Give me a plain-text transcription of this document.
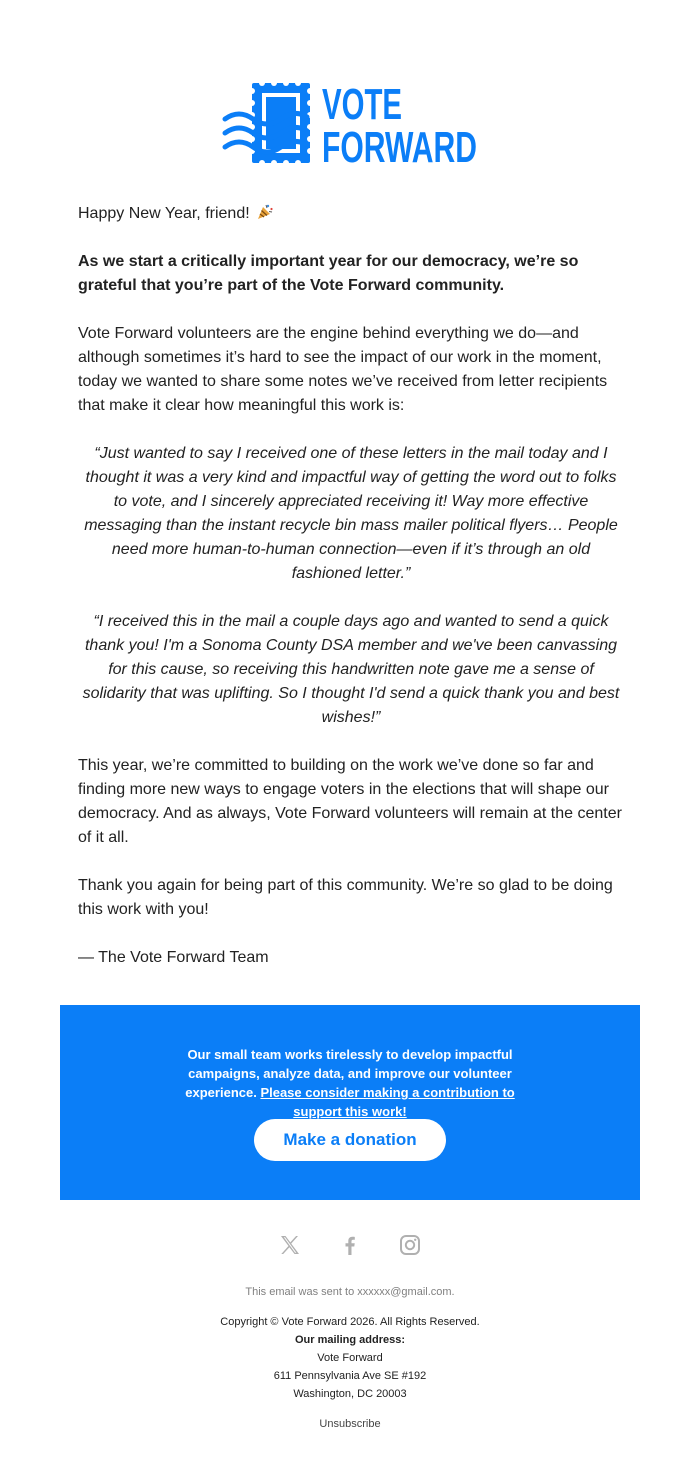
VOTE
FORWARD

Happy New Year, friend!

As we start a critically important year for our democracy, we’re so grateful that you’re part of the Vote Forward community.

Vote Forward volunteers are the engine behind everything we do—and although sometimes it’s hard to see the impact of our work in the moment, today we wanted to share some notes we’ve received from letter recipients that make it clear how meaningful this work is:

“Just wanted to say I received one of these letters in the mail today and I thought it was a very kind and impactful way of getting the word out to folks to vote, and I sincerely appreciated receiving it! Way more effective messaging than the instant recycle bin mass mailer political flyers… People need more human-to-human connection—even if it’s through an old fashioned letter.”

“I received this in the mail a couple days ago and wanted to send a quick thank you! I'm a Sonoma County DSA member and we've been canvassing for this cause, so receiving this handwritten note gave me a sense of solidarity that was uplifting. So I thought I'd send a quick thank you and best wishes!”

This year, we’re committed to building on the work we’ve done so far and finding more new ways to engage voters in the elections that will shape our democracy. And as always, Vote Forward volunteers will remain at the center of it all.

Thank you again for being part of this community. We’re so glad to be doing this work with you!

— The Vote Forward Team

Our small team works tirelessly to develop impactful campaigns, analyze data, and improve our volunteer experience. Please consider making a contribution to support this work!
Make a donation
This email was sent to xxxxxx@gmail.com.
Copyright © Vote Forward 2026. All Rights Reserved.
Our mailing address:
Vote Forward
611 Pennsylvania Ave SE #192
Washington, DC 20003
Unsubscribe
